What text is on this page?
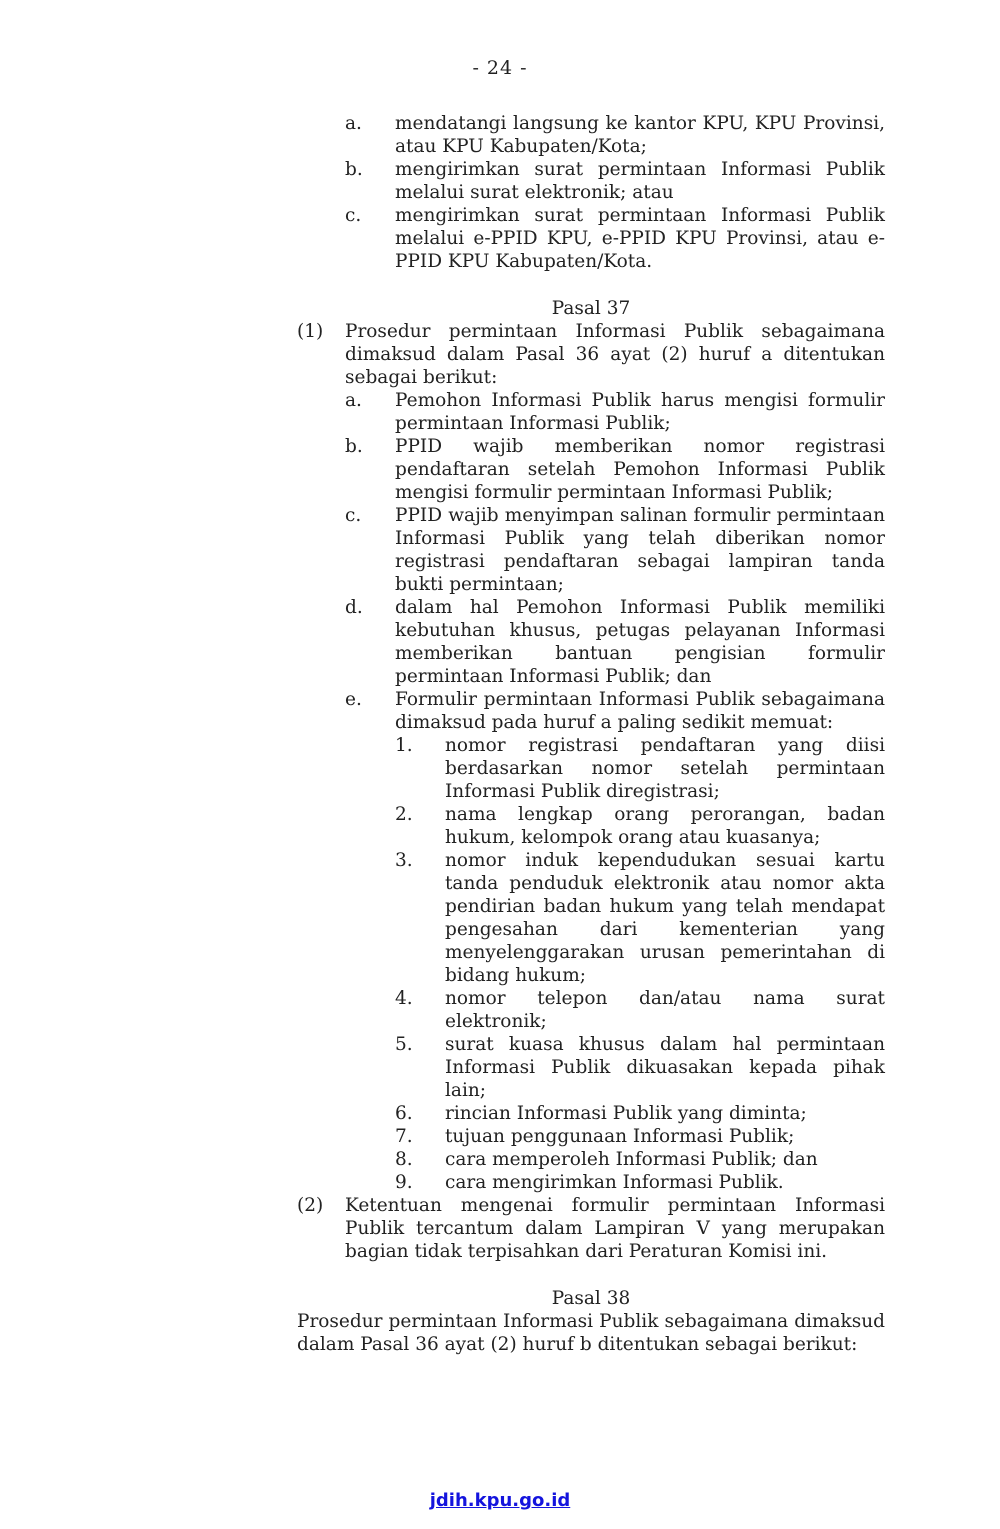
- 24 -
a.	mendatangi langsung ke kantor KPU, KPU Provinsi, atau KPU Kabupaten/Kota;
b.	mengirimkan surat permintaan Informasi Publik melalui surat elektronik; atau
c.	mengirimkan surat permintaan Informasi Publik melalui e-PPID KPU, e-PPID KPU Provinsi, atau e-PPID KPU Kabupaten/Kota.
Pasal 37
(1)	Prosedur permintaan Informasi Publik sebagaimana dimaksud dalam Pasal 36 ayat (2) huruf a ditentukan sebagai berikut:
a.	Pemohon Informasi Publik harus mengisi formulir permintaan Informasi Publik;
b.	PPID wajib memberikan nomor registrasi pendaftaran setelah Pemohon Informasi Publik mengisi formulir permintaan Informasi Publik;
c.	PPID wajib menyimpan salinan formulir permintaan Informasi Publik yang telah diberikan nomor registrasi pendaftaran sebagai lampiran tanda bukti permintaan;
d.	dalam hal Pemohon Informasi Publik memiliki kebutuhan khusus, petugas pelayanan Informasi memberikan bantuan pengisian formulir permintaan Informasi Publik; dan
e.	Formulir permintaan Informasi Publik sebagaimana dimaksud pada huruf a paling sedikit memuat:
1.	nomor registrasi pendaftaran yang diisi berdasarkan nomor setelah permintaan Informasi Publik diregistrasi;
2.	nama lengkap orang perorangan, badan hukum, kelompok orang atau kuasanya;
3.	nomor induk kependudukan sesuai kartu tanda penduduk elektronik atau nomor akta pendirian badan hukum yang telah mendapat pengesahan dari kementerian yang menyelenggarakan urusan pemerintahan di bidang hukum;
4.	nomor telepon dan/atau nama surat elektronik;
5.	surat kuasa khusus dalam hal permintaan Informasi Publik dikuasakan kepada pihak lain;
6.	rincian Informasi Publik yang diminta;
7.	tujuan penggunaan Informasi Publik;
8.	cara memperoleh Informasi Publik; dan
9.	cara mengirimkan Informasi Publik.
(2)	Ketentuan mengenai formulir permintaan Informasi Publik tercantum dalam Lampiran V yang merupakan bagian tidak terpisahkan dari Peraturan Komisi ini.
Pasal 38
Prosedur permintaan Informasi Publik sebagaimana dimaksud dalam Pasal 36 ayat (2) huruf b ditentukan sebagai berikut:
jdih.kpu.go.id
